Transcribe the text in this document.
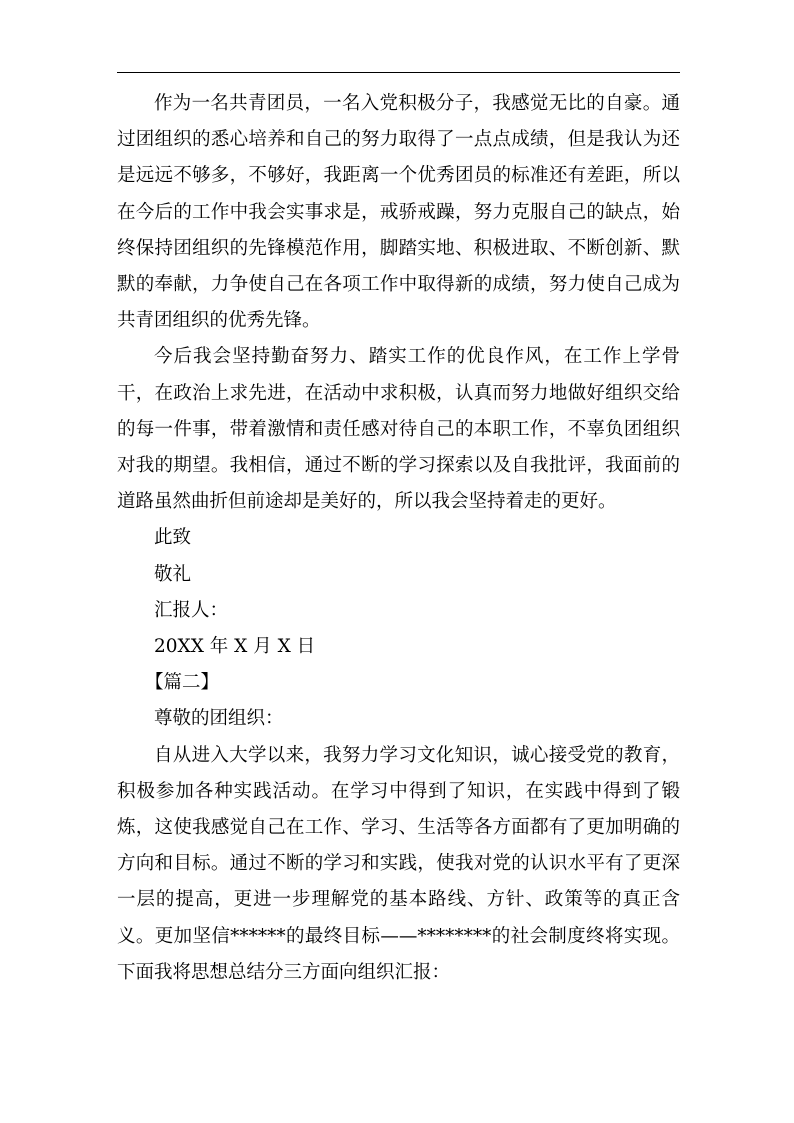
作为一名共青团员，一名入党积极分子，我感觉无比的自豪。通过团组织的悉心培养和自己的努力取得了一点点成绩，但是我认为还是远远不够多，不够好，我距离一个优秀团员的标准还有差距，所以在今后的工作中我会实事求是，戒骄戒躁，努力克服自己的缺点，始终保持团组织的先锋模范作用，脚踏实地、积极进取、不断创新、默默的奉献，力争使自己在各项工作中取得新的成绩，努力使自己成为共青团组织的优秀先锋。

今后我会坚持勤奋努力、踏实工作的优良作风，在工作上学骨干，在政治上求先进，在活动中求积极，认真而努力地做好组织交给的每一件事，带着激情和责任感对待自己的本职工作，不辜负团组织对我的期望。我相信，通过不断的学习探索以及自我批评，我面前的道路虽然曲折但前途却是美好的，所以我会坚持着走的更好。

此致

敬礼

汇报人：

20XX 年 X 月 X 日

【篇二】

尊敬的团组织：

自从进入大学以来，我努力学习文化知识，诚心接受党的教育，积极参加各种实践活动。在学习中得到了知识，在实践中得到了锻炼，这使我感觉自己在工作、学习、生活等各方面都有了更加明确的方向和目标。通过不断的学习和实践，使我对党的认识水平有了更深一层的提高，更进一步理解党的基本路线、方针、政策等的真正含义。更加坚信******的最终目标——********的社会制度终将实现。下面我将思想总结分三方面向组织汇报：
